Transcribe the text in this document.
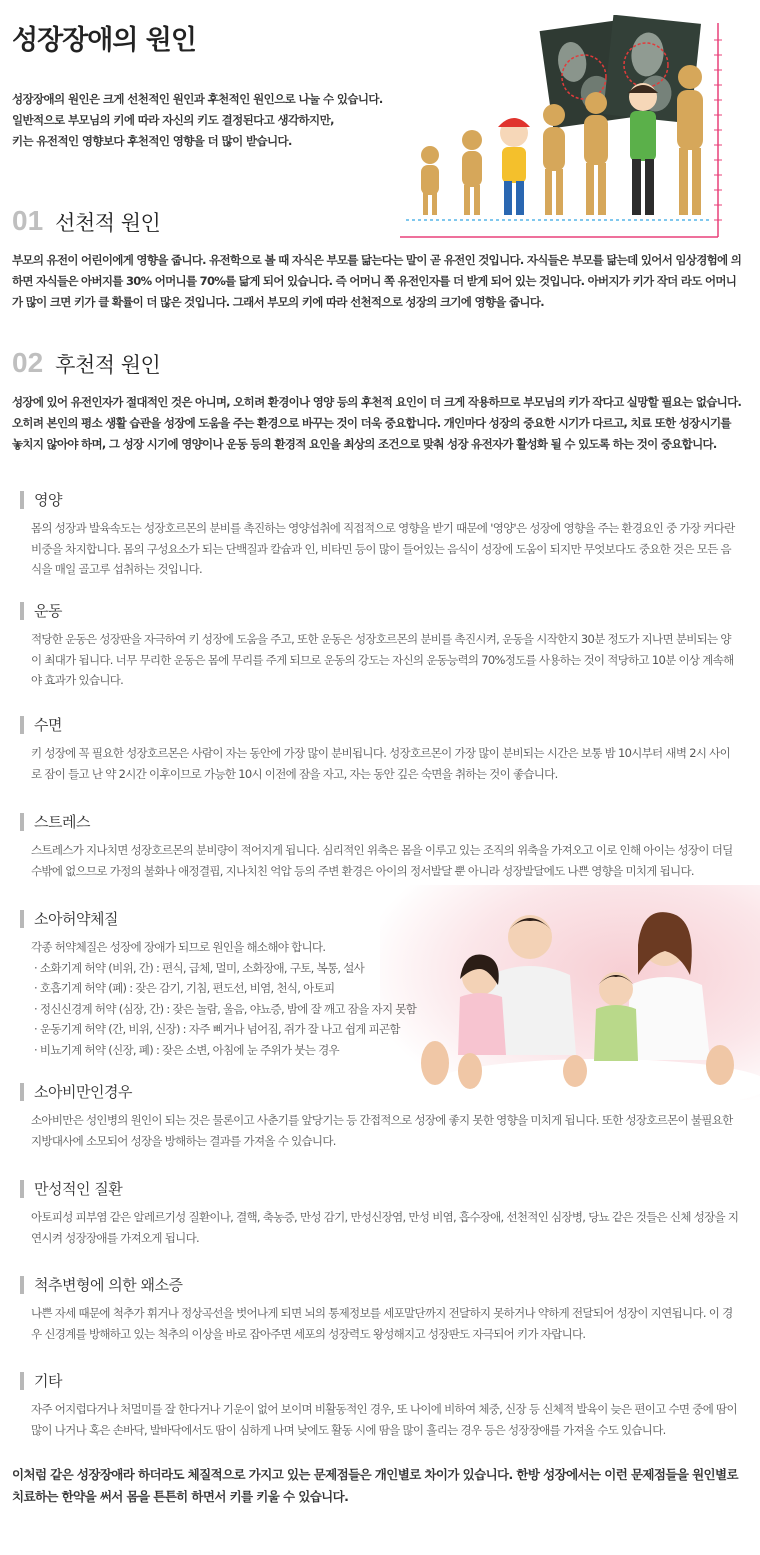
성장장애의 원인

성장장애의 원인은 크게 선천적인 원인과 후천적인 원인으로 나눌 수 있습니다.
일반적으로 부모님의 키에 따라 자신의 키도 결정된다고 생각하지만,
키는 유전적인 영향보다 후천적인 영향을 더 많이 받습니다.

01 선천적 원인

부모의 유전이 어린이에게 영향을 줍니다. 유전학으로 볼 때 자식은 부모를 닮는다는 말이 곧 유전인 것입니다. 자식들은 부모를 닮는데 있어서 임상경험에 의하면 자식들은 아버지를 30% 어머니를 70%를 닮게 되어 있습니다. 즉 어머니 쪽 유전인자를 더 받게 되어 있는 것입니다. 아버지가 키가 작더 라도 어머니가 많이 크면 키가 클 확률이 더 많은 것입니다. 그래서 부모의 키에 따라 선천적으로 성장의 크기에 영향을 줍니다.

02 후천적 원인

성장에 있어 유전인자가 절대적인 것은 아니며, 오히려 환경이나 영양 등의 후천적 요인이 더 크게 작용하므로 부모님의 키가 작다고 실망할 필요는 없습니다. 오히려 본인의 평소 생활 습관을 성장에 도움을 주는 환경으로 바꾸는 것이 더욱 중요합니다. 개인마다 성장의 중요한 시기가 다르고, 치료 또한 성장시기를 놓치지 않아야 하며, 그 성장 시기에 영양이나 운동 등의 환경적 요인을 최상의 조건으로 맞춰 성장 유전자가 활성화 될 수 있도록 하는 것이 중요합니다.

영양

몸의 성장과 발육속도는 성장호르몬의 분비를 촉진하는 영양섭취에 직접적으로 영향을 받기 때문에 '영양'은 성장에 영향을 주는 환경요인 중 가장 커다란 비중을 차지합니다. 몸의 구성요소가 되는 단백질과 칼슘과 인, 비타민 등이 많이 들어있는 음식이 성장에 도움이 되지만 무엇보다도 중요한 것은 모든 음식을 매일 골고루 섭취하는 것입니다.

운동

적당한 운동은 성장판을 자극하여 키 성장에 도움을 주고, 또한 운동은 성장호르몬의 분비를 촉진시켜, 운동을 시작한지 30분 정도가 지나면 분비되는 양이 최대가 됩니다. 너무 무리한 운동은 몸에 무리를 주게 되므로 운동의 강도는 자신의 운동능력의 70%정도를 사용하는 것이 적당하고 10분 이상 계속해야 효과가 있습니다.

수면

키 성장에 꼭 필요한 성장호르몬은 사람이 자는 동안에 가장 많이 분비됩니다. 성장호르몬이 가장 많이 분비되는 시간은 보통 밤 10시부터 새벽 2시 사이로 잠이 들고 난 약 2시간 이후이므로 가능한 10시 이전에 잠을 자고, 자는 동안 깊은 숙면을 취하는 것이 좋습니다.

스트레스

스트레스가 지나치면 성장호르몬의 분비량이 적어지게 됩니다. 심리적인 위축은 몸을 이루고 있는 조직의 위축을 가져오고 이로 인해 아이는 성장이 더딜 수밖에 없으므로 가정의 불화나 애정결핍, 지나치친 억압 등의 주변 환경은 아이의 정서발달 뿐 아니라 성장발달에도 나쁜 영향을 미치게 됩니다.

소아허약체질

각종 허약체질은 성장에 장애가 되므로 원인을 해소해야 합니다.

· 소화기계 허약 (비위, 간) : 편식, 급체, 멀미, 소화장애, 구토, 복통, 설사
· 호흡기계 허약 (폐) : 잦은 감기, 기침, 편도선, 비염, 천식, 아토피
· 정신신경계 허약 (심장, 간) : 잦은 놀람, 울음, 야뇨증, 밤에 잘 깨고 잠을 자지 못함
· 운동기계 허약 (간, 비위, 신장) : 자주 삐거나 넘어짐, 쥐가 잘 나고 쉽게 피곤함
· 비뇨기계 허약 (신장, 폐) : 잦은 소변, 아침에 눈 주위가 붓는 경우
소아비만인경우

소아비만은 성인병의 원인이 되는 것은 물론이고 사춘기를 앞당기는 등 간접적으로 성장에 좋지 못한 영향을 미치게 됩니다. 또한 성장호르몬이 불필요한 지방대사에 소모되어 성장을 방해하는 결과를 가져올 수 있습니다.

만성적인 질환

아토피성 피부염 같은 알레르기성 질환이나, 결핵, 축농증, 만성 감기, 만성신장염, 만성 비염, 흡수장애, 선천적인 심장병, 당뇨 같은 것들은 신체 성장을 지연시켜 성장장애를 가져오게 됩니다.

척추변형에 의한 왜소증

나쁜 자세 때문에 척추가 휘거나 정상곡선을 벗어나게 되면 뇌의 통제정보를 세포말단까지 전달하지 못하거나 약하게 전달되어 성장이 지연됩니다. 이 경우 신경계를 방해하고 있는 척추의 이상을 바로 잡아주면 세포의 성장력도 왕성해지고 성장판도 자극되어 키가 자랍니다.

기타

자주 어지럽다거나 처멀미를 잘 한다거나 기운이 없어 보이며 비활동적인 경우, 또 나이에 비하여 체중, 신장 등 신체적 발육이 늦은 편이고 수면 중에 땀이 많이 나거나 혹은 손바닥, 발바닥에서도 땀이 심하게 나며 낮에도 활동 시에 땀을 많이 흘리는 경우 등은 성장장애를 가져올 수도 있습니다.

이처럼 같은 성장장애라 하더라도 체질적으로 가지고 있는 문제점들은 개인별로 차이가 있습니다. 한방 성장에서는 이런 문제점들을 원인별로 치료하는 한약을 써서 몸을 튼튼히 하면서 키를 키울 수 있습니다.
